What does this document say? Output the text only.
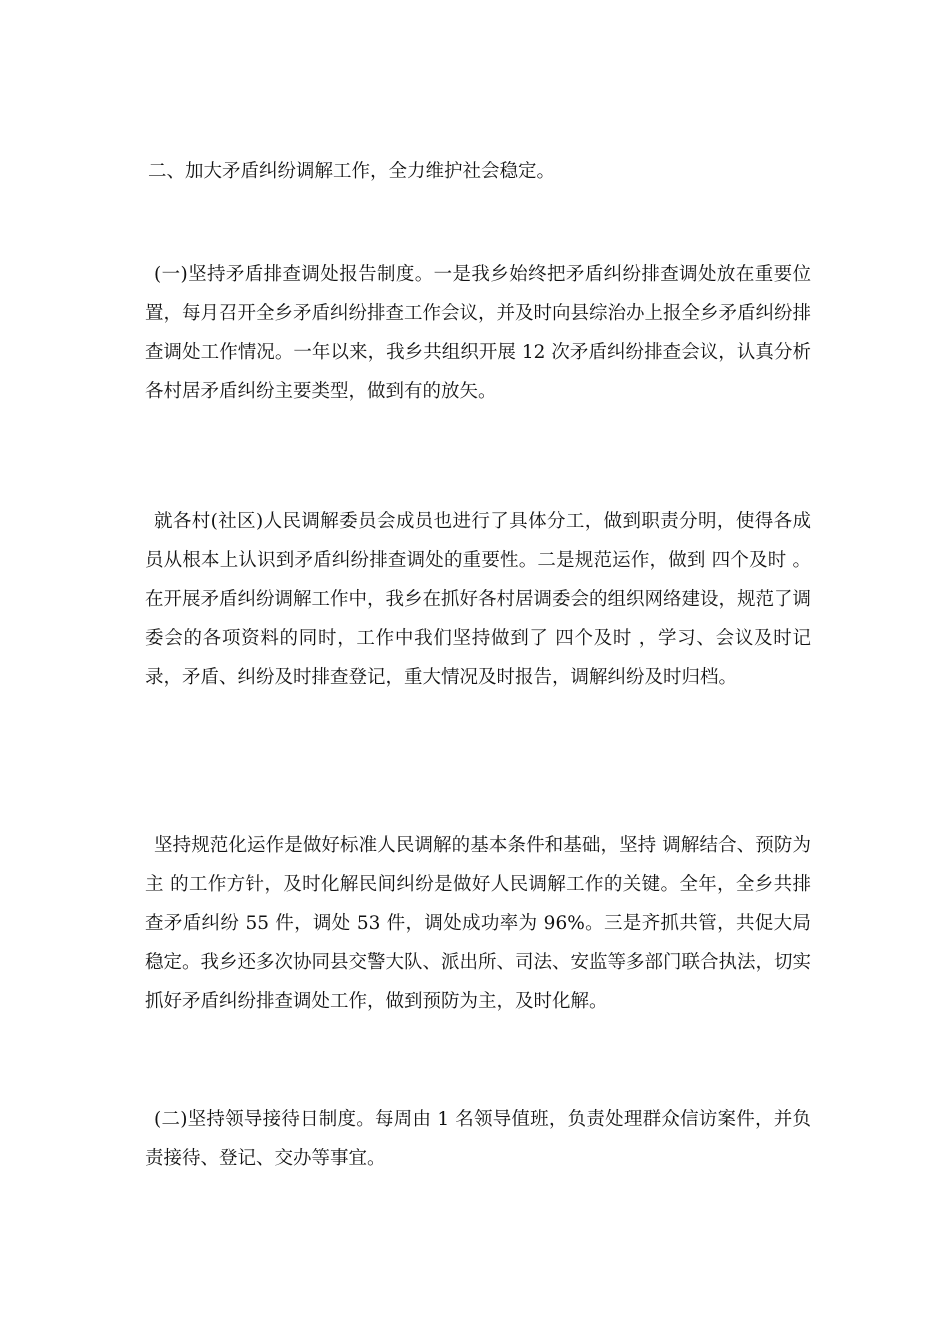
二、加大矛盾纠纷调解工作，全力维护社会稳定。

(一)坚持矛盾排查调处报告制度。一是我乡始终把矛盾纠纷排查调处放在重要位置，每月召开全乡矛盾纠纷排查工作会议，并及时向县综治办上报全乡矛盾纠纷排查调处工作情况。一年以来，我乡共组织开展 12 次矛盾纠纷排查会议，认真分析各村居矛盾纠纷主要类型，做到有的放矢。

就各村(社区)人民调解委员会成员也进行了具体分工，做到职责分明，使得各成员从根本上认识到矛盾纠纷排查调处的重要性。二是规范运作，做到 四个及时 。在开展矛盾纠纷调解工作中，我乡在抓好各村居调委会的组织网络建设，规范了调委会的各项资料的同时，工作中我们坚持做到了 四个及时 ，学习、会议及时记录，矛盾、纠纷及时排查登记，重大情况及时报告，调解纠纷及时归档。

坚持规范化运作是做好标准人民调解的基本条件和基础，坚持 调解结合、预防为主 的工作方针，及时化解民间纠纷是做好人民调解工作的关键。全年，全乡共排查矛盾纠纷 55 件，调处 53 件，调处成功率为 96%。三是齐抓共管，共促大局稳定。我乡还多次协同县交警大队、派出所、司法、安监等多部门联合执法，切实抓好矛盾纠纷排查调处工作，做到预防为主，及时化解。

(二)坚持领导接待日制度。每周由 1 名领导值班，负责处理群众信访案件，并负责接待、登记、交办等事宜。
